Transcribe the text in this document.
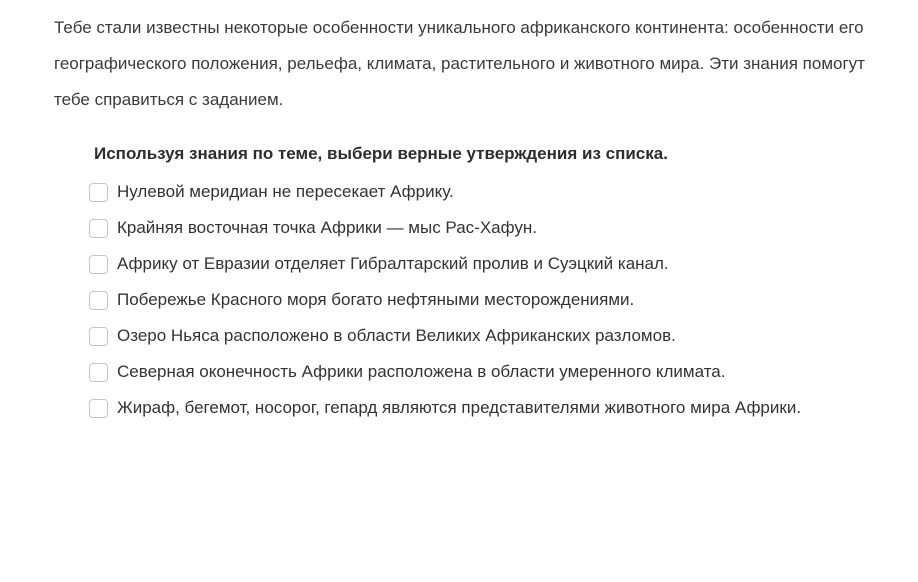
Тебе стали известны некоторые особенности уникального африканского континента: особенности его географического положения, рельефа, климата, растительного и животного мира. Эти знания помогут тебе справиться с заданием.

Используя знания по теме, выбери верные утверждения из списка.

Нулевой меридиан не пересекает Африку.
Крайняя восточная точка Африки — мыс Рас-Хафун.
Африку от Евразии отделяет Гибралтарский пролив и Суэцкий канал.
Побережье Красного моря богато нефтяными месторождениями.
Озеро Ньяса расположено в области Великих Африканских разломов.
Северная оконечность Африки расположена в области умеренного климата.
Жираф, бегемот, носорог, гепард являются представителями животного мира Африки.
